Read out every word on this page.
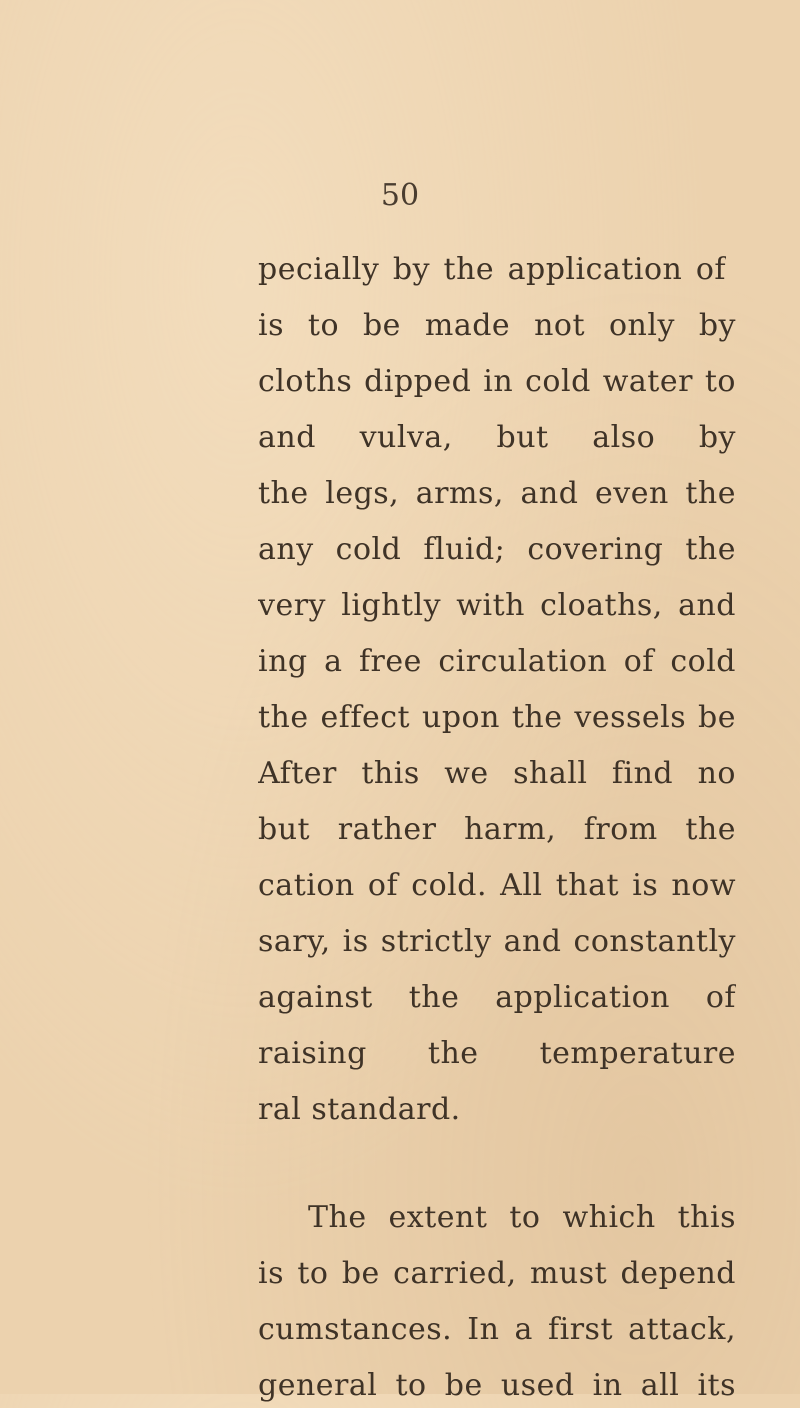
50
pecially by the application of
is to be made not only by
cloths dipped in cold water to
and vulva, but also by
the legs, arms, and even the
any cold fluid; covering the
very lightly with cloaths, and
ing a free circulation of cold
the effect upon the vessels be
After this we shall find no
but rather harm, from the
cation of cold. All that is now
sary, is strictly and constantly
against the application of
raising the temperature
ral standard.
The extent to which this
is to be carried, must depend
cumstances. In a first attack,
general to be used in all its
